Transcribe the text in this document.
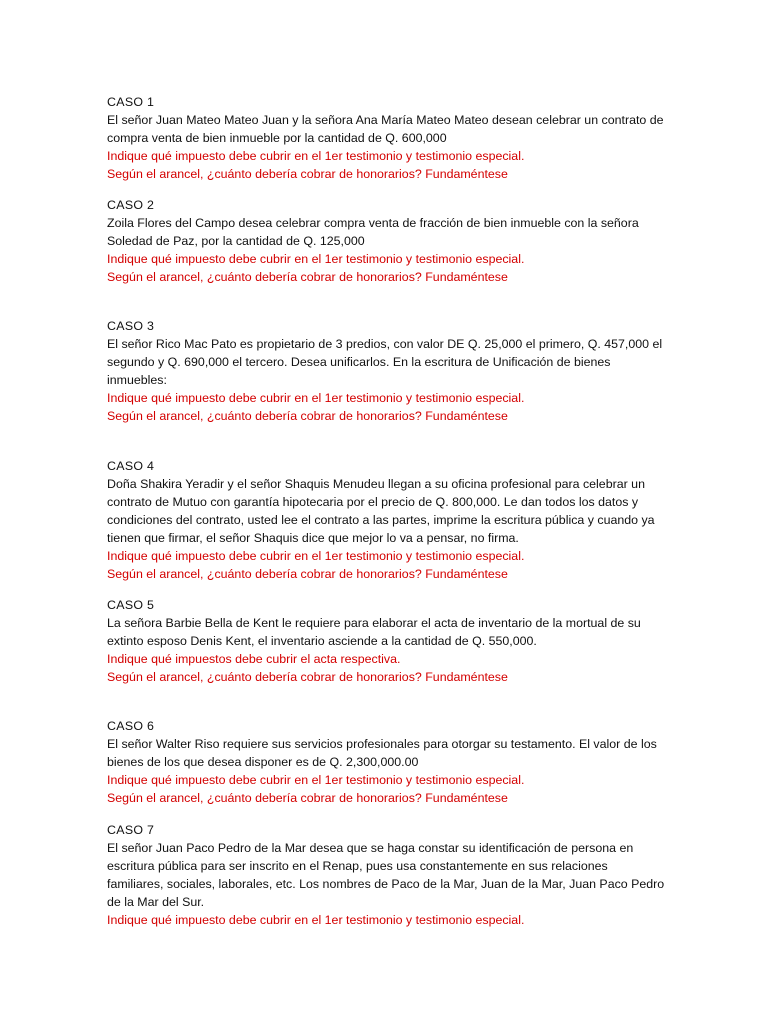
CASO 1

El señor Juan Mateo Mateo Juan y la señora Ana María Mateo Mateo desean celebrar un contrato de compra venta de bien inmueble por la cantidad de Q. 600,000

Indique qué impuesto debe cubrir en el 1er testimonio y testimonio especial.

Según el arancel, ¿cuánto debería cobrar de honorarios? Fundaméntese

CASO 2

Zoila Flores del Campo desea celebrar compra venta de fracción de bien inmueble con la señora Soledad de Paz, por la cantidad de Q. 125,000

Indique qué impuesto debe cubrir en el 1er testimonio y testimonio especial.

Según el arancel, ¿cuánto debería cobrar de honorarios? Fundaméntese

CASO 3

El señor Rico Mac Pato es propietario de 3 predios, con valor DE Q. 25,000 el primero, Q. 457,000 el segundo y Q. 690,000 el tercero. Desea unificarlos. En la escritura de Unificación de bienes inmuebles:

Indique qué impuesto debe cubrir en el 1er testimonio y testimonio especial.

Según el arancel, ¿cuánto debería cobrar de honorarios? Fundaméntese

CASO 4

Doña Shakira Yeradir y el señor Shaquis Menudeu llegan a su oficina profesional para celebrar un contrato de Mutuo con garantía hipotecaria por el precio de Q. 800,000. Le dan todos los datos y condiciones del contrato, usted lee el contrato a las partes, imprime la escritura pública y cuando ya tienen que firmar, el señor Shaquis dice que mejor lo va a pensar, no firma.

Indique qué impuesto debe cubrir en el 1er testimonio y testimonio especial.

Según el arancel, ¿cuánto debería cobrar de honorarios? Fundaméntese

CASO 5

La señora Barbie Bella de Kent le requiere para elaborar el acta de inventario de la mortual de su extinto esposo Denis Kent, el inventario asciende a la cantidad de Q. 550,000.

Indique qué impuestos debe cubrir el acta respectiva.

Según el arancel, ¿cuánto debería cobrar de honorarios? Fundaméntese

CASO 6

El señor Walter Riso requiere sus servicios profesionales para otorgar su testamento. El valor de los bienes de los que desea disponer es de Q. 2,300,000.00

Indique qué impuesto debe cubrir en el 1er testimonio y testimonio especial.

Según el arancel, ¿cuánto debería cobrar de honorarios? Fundaméntese

CASO 7

El señor Juan Paco Pedro de la Mar desea que se haga constar su identificación de persona en escritura pública para ser inscrito en el Renap, pues usa constantemente en sus relaciones familiares, sociales, laborales, etc. Los nombres de Paco de la Mar, Juan de la Mar, Juan Paco Pedro de la Mar del Sur.

Indique qué impuesto debe cubrir en el 1er testimonio y testimonio especial.
